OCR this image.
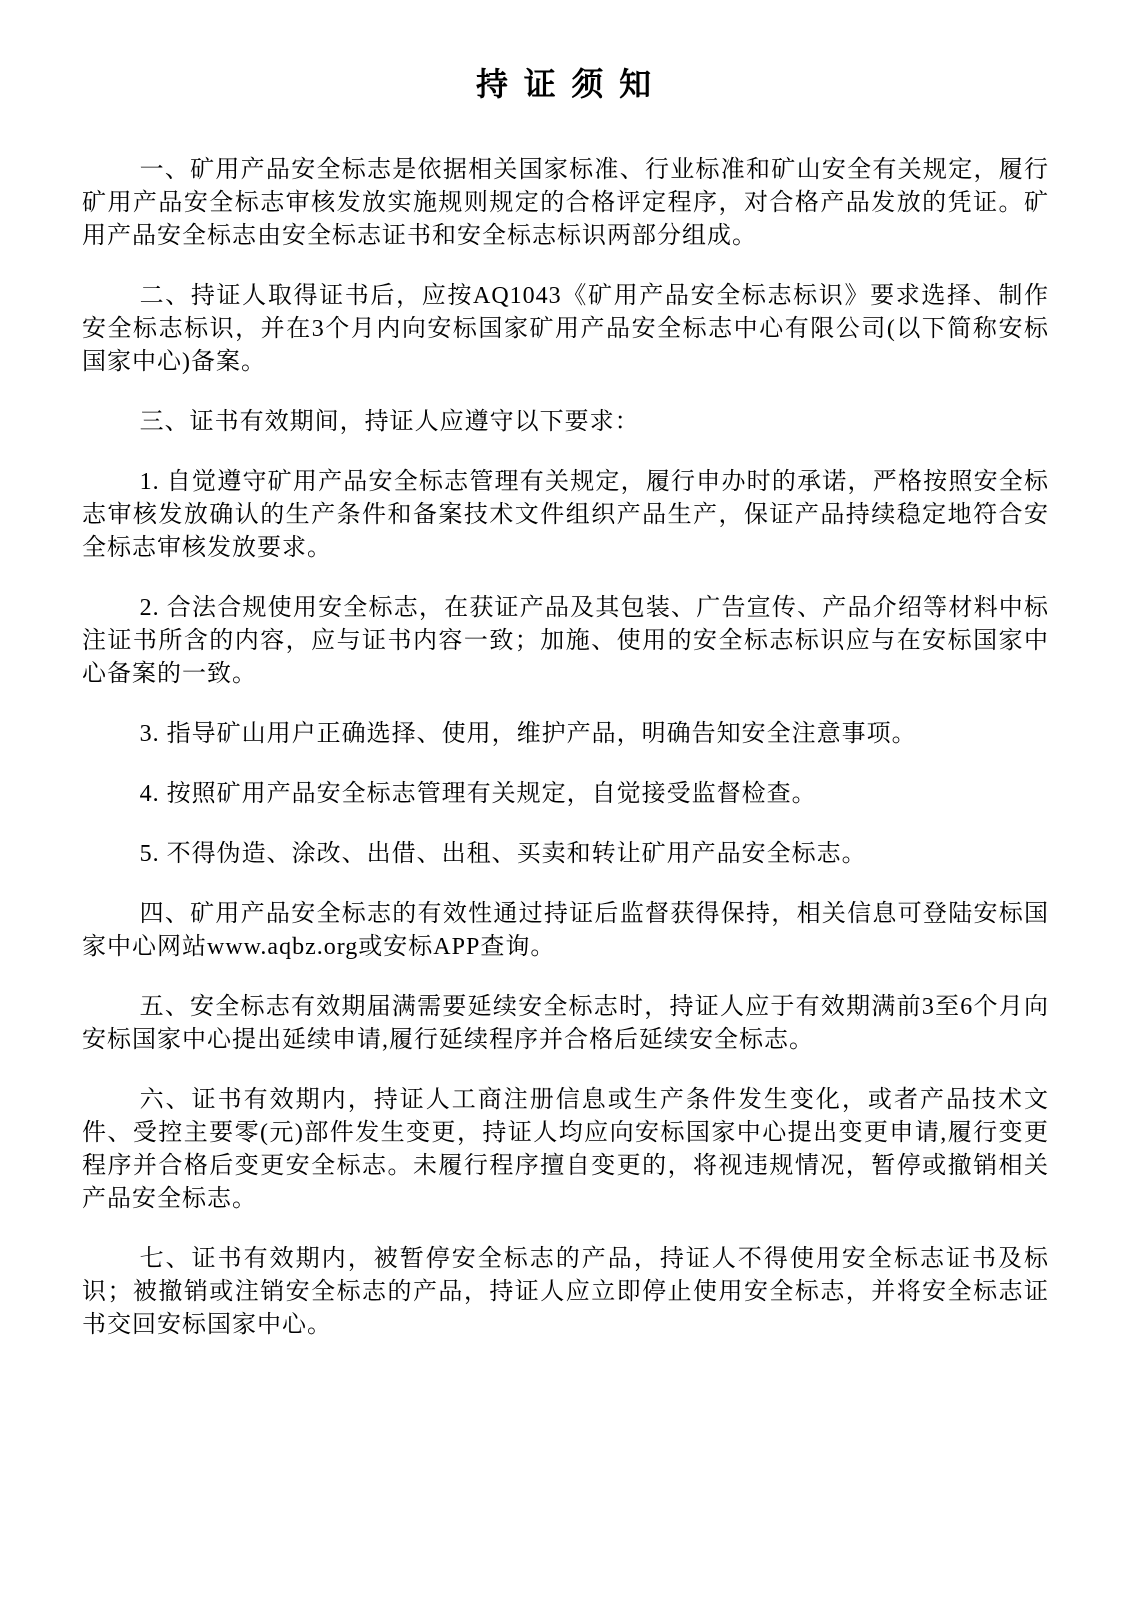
持 证 须 知

一、矿用产品安全标志是依据相关国家标准、行业标准和矿山安全有关规定，履行矿用产品安全标志审核发放实施规则规定的合格评定程序，对合格产品发放的凭证。矿用产品安全标志由安全标志证书和安全标志标识两部分组成。

二、持证人取得证书后，应按AQ1043《矿用产品安全标志标识》要求选择、制作安全标志标识，并在3个月内向安标国家矿用产品安全标志中心有限公司(以下简称安标国家中心)备案。

三、证书有效期间，持证人应遵守以下要求：

1. 自觉遵守矿用产品安全标志管理有关规定，履行申办时的承诺，严格按照安全标志审核发放确认的生产条件和备案技术文件组织产品生产，保证产品持续稳定地符合安全标志审核发放要求。

2. 合法合规使用安全标志，在获证产品及其包装、广告宣传、产品介绍等材料中标注证书所含的内容，应与证书内容一致；加施、使用的安全标志标识应与在安标国家中心备案的一致。

3. 指导矿山用户正确选择、使用，维护产品，明确告知安全注意事项。

4. 按照矿用产品安全标志管理有关规定，自觉接受监督检查。

5. 不得伪造、涂改、出借、出租、买卖和转让矿用产品安全标志。

四、矿用产品安全标志的有效性通过持证后监督获得保持，相关信息可登陆安标国家中心网站www.aqbz.org或安标APP查询。

五、安全标志有效期届满需要延续安全标志时，持证人应于有效期满前3至6个月向安标国家中心提出延续申请,履行延续程序并合格后延续安全标志。

六、证书有效期内，持证人工商注册信息或生产条件发生变化，或者产品技术文件、受控主要零(元)部件发生变更，持证人均应向安标国家中心提出变更申请,履行变更程序并合格后变更安全标志。未履行程序擅自变更的，将视违规情况，暂停或撤销相关产品安全标志。

七、证书有效期内，被暂停安全标志的产品，持证人不得使用安全标志证书及标识；被撤销或注销安全标志的产品，持证人应立即停止使用安全标志，并将安全标志证书交回安标国家中心。
